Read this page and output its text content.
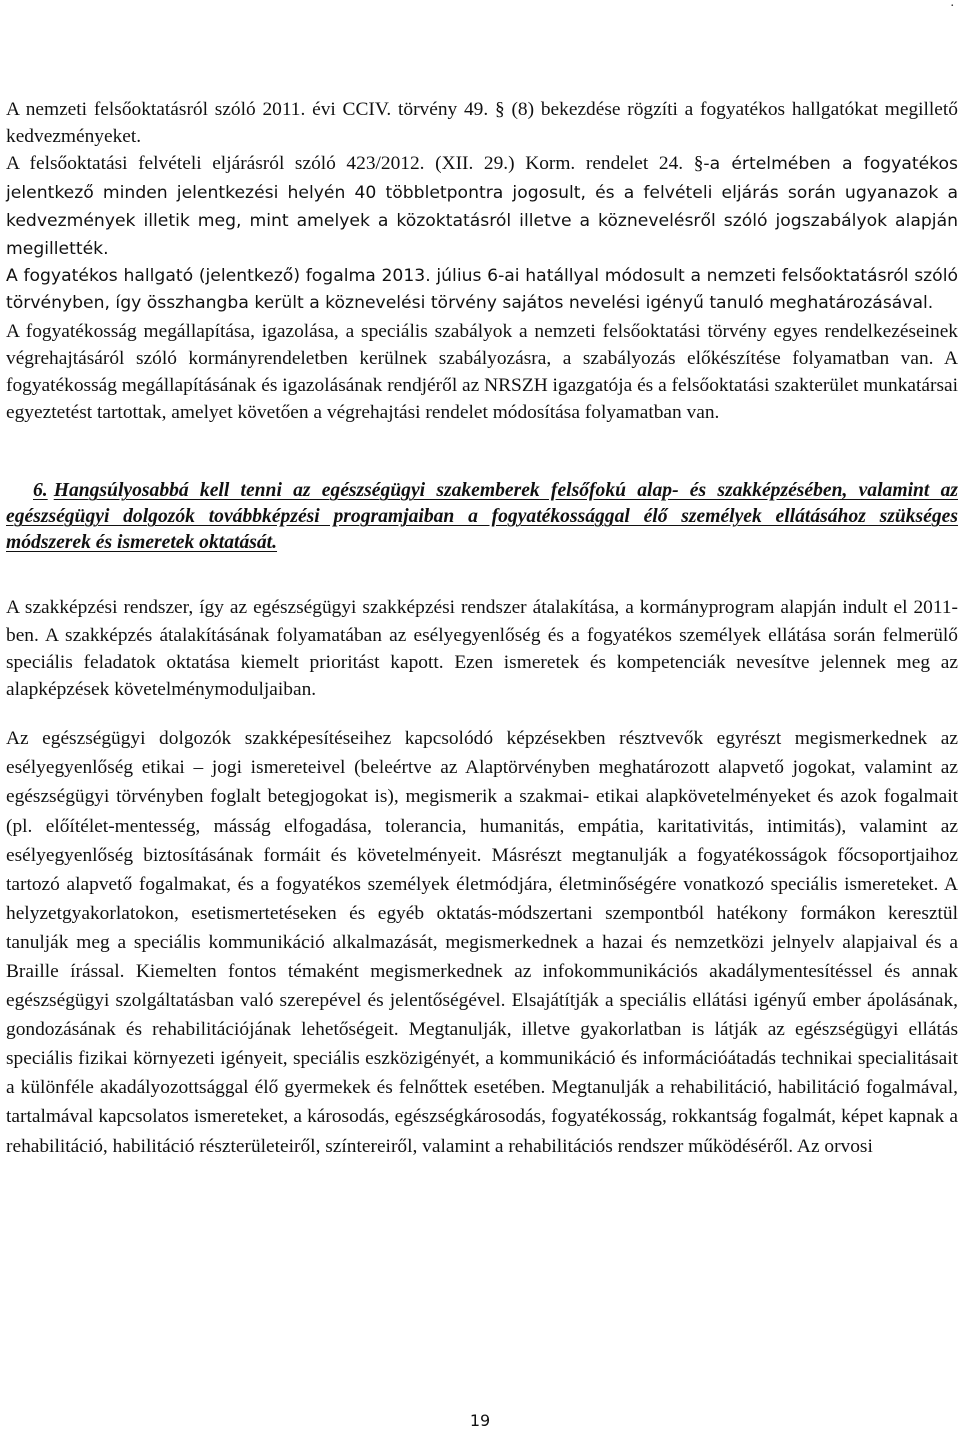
.

A nemzeti felsőoktatásról szóló 2011. évi CCIV. törvény 49. § (8) bekezdése rögzíti a fogyatékos hallgatókat megillető kedvezményeket.

A felsőoktatási felvételi eljárásról szóló 423/2012. (XII. 29.) Korm. rendelet 24. §-a értelmében a fogyatékos jelentkező minden jelentkezési helyén 40 többletpontra jogosult, és a felvételi eljárás során ugyanazok a kedvezmények illetik meg, mint amelyek a közoktatásról illetve a köznevelésről szóló jogszabályok alapján megillették.

A fogyatékos hallgató (jelentkező) fogalma 2013. július 6-ai hatállyal módosult a nemzeti felsőoktatásról szóló törvényben, így összhangba került a köznevelési törvény sajátos nevelési igényű tanuló meghatározásával.

A fogyatékosság megállapítása, igazolása, a speciális szabályok a nemzeti felsőoktatási törvény egyes rendelkezéseinek végrehajtásáról szóló kormányrendeletben kerülnek szabályozásra, a szabályozás előkészítése folyamatban van. A fogyatékosság megállapításának és igazolásának rendjéről az NRSZH igazgatója és a felsőoktatási szakterület munkatársai egyeztetést tartottak, amelyet követően a végrehajtási rendelet módosítása folyamatban van.

6. Hangsúlyosabbá kell tenni az egészségügyi szakemberek felsőfokú alap- és szakképzésében, valamint az egészségügyi dolgozók továbbképzési programjaiban a fogyatékossággal élő személyek ellátásához szükséges módszerek és ismeretek oktatását.

A szakképzési rendszer, így az egészségügyi szakképzési rendszer átalakítása, a kormányprogram alapján indult el 2011-ben. A szakképzés átalakításának folyamatában az esélyegyenlőség és a fogyatékos személyek ellátása során felmerülő speciális feladatok oktatása kiemelt prioritást kapott. Ezen ismeretek és kompetenciák nevesítve jelennek meg az alapképzések követelménymoduljaiban.

Az egészségügyi dolgozók szakképesítéseihez kapcsolódó képzésekben résztvevők egyrészt megismerkednek az esélyegyenlőség etikai – jogi ismereteivel (beleértve az Alaptörvényben meghatározott alapvető jogokat, valamint az egészségügyi törvényben foglalt betegjogokat is), megismerik a szakmai- etikai alapkövetelményeket és azok fogalmait (pl. előítélet-mentesség, másság elfogadása, tolerancia, humanitás, empátia, karitativitás, intimitás), valamint az esélyegyenlőség biztosításának formáit és követelményeit. Másrészt megtanulják a fogyatékosságok főcsoportjaihoz tartozó alapvető fogalmakat, és a fogyatékos személyek életmódjára, életminőségére vonatkozó speciális ismereteket. A helyzetgyakorlatokon, esetismertetéseken és egyéb oktatás-módszertani szempontból hatékony formákon keresztül tanulják meg a speciális kommunikáció alkalmazását, megismerkednek a hazai és nemzetközi jelnyelv alapjaival és a Braille írással. Kiemelten fontos témaként megismerkednek az infokommunikációs akadálymentesítéssel és annak egészségügyi szolgáltatásban való szerepével és jelentőségével. Elsajátítják a speciális ellátási igényű ember ápolásának, gondozásának és rehabilitációjának lehetőségeit. Megtanulják, illetve gyakorlatban is látják az egészségügyi ellátás speciális fizikai környezeti igényeit, speciális eszközigényét, a kommunikáció és információátadás technikai specialitásait a különféle akadályozottsággal élő gyermekek és felnőttek esetében. Megtanulják a rehabilitáció, habilitáció fogalmával, tartalmával kapcsolatos ismereteket, a károsodás, egészségkárosodás, fogyatékosság, rokkantság fogalmát, képet kapnak a rehabilitáció, habilitáció részterületeiről, színtereiről, valamint a rehabilitációs rendszer működéséről. Az orvosi

19
